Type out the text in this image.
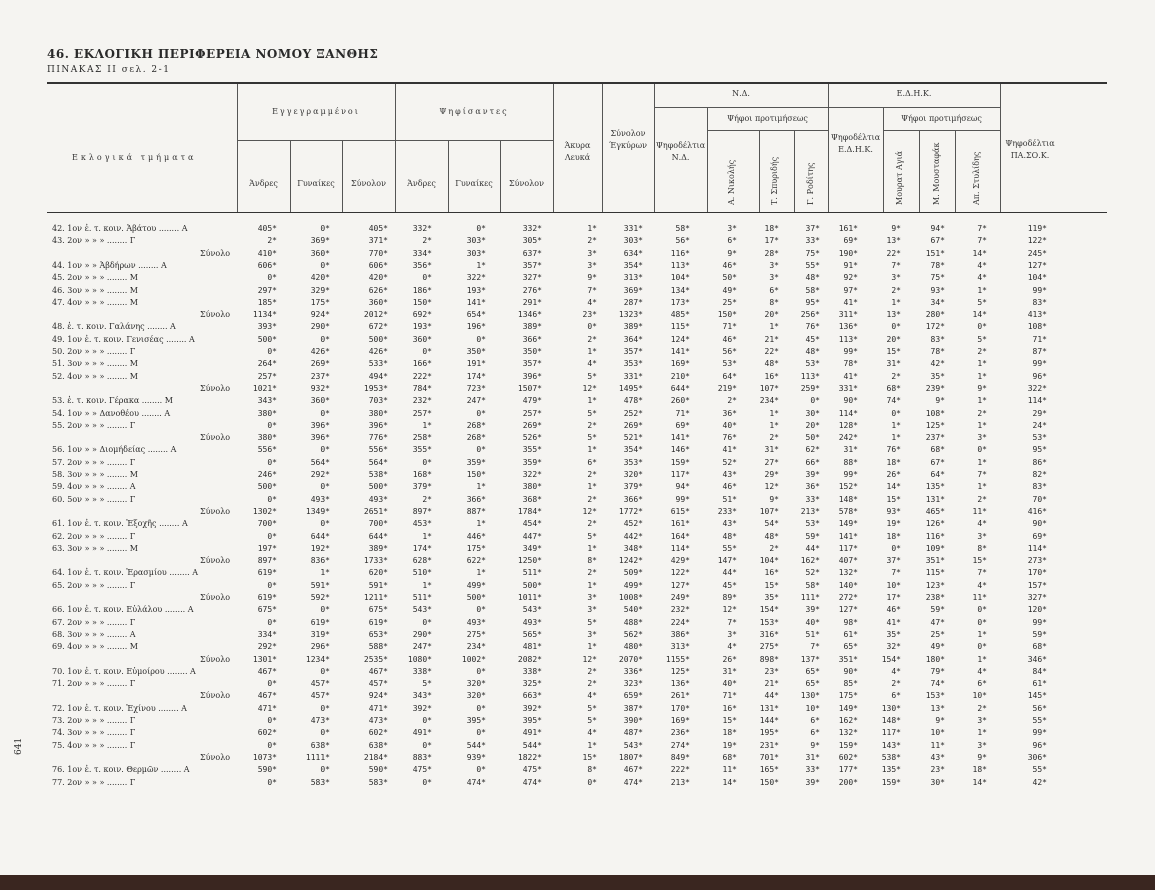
46. ΕΚΛΟΓΙΚΗ ΠΕΡΙΦΕΡΕΙΑ ΝΟΜΟΥ ΞΑΝΘΗΣ
ΠΙΝΑΚΑΣ ΙΙ σελ. 2-1
Εκλογικά τμήματα
Εγγεγραμμένοι	Ψηφίσαντες
Άνδρες	Γυναίκες	Σύνολον	Άνδρες	Γυναίκες	Σύνολον
Άκυρα Λευκά
Σύνολον Έγκύρων
Ν.Δ.	Ε.Δ.Η.Κ.
Ψήφοι προτιμήσεως	Ψήφοι προτιμήσεως
Ψηφοδέλτια Ν.Δ.
Ψηφοδέλτια Ε.Δ.Η.Κ.
Ψηφοδέλτια ΠΑ.ΣΟ.Κ.
Α. Νικολής	Τ. Σπυριδής	Γ. Ροδίτης	Μουρατ Αγιά	Μ. Μουσταφάκ	Απ. Στυλίδης
42. 1ον ἐ. τ. κοιν. Ἀβάτου ........ Α	405*	0*	405*	332*	0*	332*	1*	331*	58*	3*	18*	37*	161*	9*	94*	7*	119*
43. 2ον » » » ........ Γ	2*	369*	371*	2*	303*	305*	2*	303*	56*	6*	17*	33*	69*	13*	67*	7*	122*
Σύνολο	410*	360*	770*	334*	303*	637*	3*	634*	116*	9*	28*	75*	190*	22*	151*	14*	245*
44. 1ον » » Ἀβδήρων ........ Α	606*	0*	606*	356*	1*	357*	3*	354*	113*	46*	3*	55*	91*	7*	78*	4*	127*
45. 2ον » » » ........ Μ	0*	420*	420*	0*	322*	327*	9*	313*	104*	50*	3*	48*	92*	3*	75*	4*	104*
46. 3ον » » » ........ Μ	297*	329*	626*	186*	193*	276*	7*	369*	134*	49*	6*	58*	97*	2*	93*	1*	99*
47. 4ον » » » ........ Μ	185*	175*	360*	150*	141*	291*	4*	287*	173*	25*	8*	95*	41*	1*	34*	5*	83*
Σύνολο	1134*	924*	2012*	692*	654*	1346*	23*	1323*	485*	150*	20*	256*	311*	13*	280*	14*	413*
48. ἐ. τ. κοιν. Γαλάνης ........ Α	393*	290*	672*	193*	196*	389*	0*	389*	115*	71*	1*	76*	136*	0*	172*	0*	108*
49. 1ον ἐ. τ. κοιν. Γενισέας ........ Α	500*	0*	500*	360*	0*	366*	2*	364*	124*	46*	21*	45*	113*	20*	83*	5*	71*
50. 2ον » » » ........ Γ	0*	426*	426*	0*	350*	350*	1*	357*	141*	56*	22*	48*	99*	15*	78*	2*	87*
51. 3ον » » » ........ Μ	264*	269*	533*	166*	191*	357*	4*	353*	169*	53*	48*	53*	78*	31*	42*	1*	99*
52. 4ον » » » ........ Μ	257*	237*	494*	222*	174*	396*	5*	331*	210*	64*	16*	113*	41*	2*	35*	1*	96*
Σύνολο	1021*	932*	1953*	784*	723*	1507*	12*	1495*	644*	219*	107*	259*	331*	68*	239*	9*	322*
53. ἐ. τ. κοιν. Γέρακα ........ Μ	343*	360*	703*	232*	247*	479*	1*	478*	260*	2*	234*	0*	90*	74*	9*	1*	114*
54. 1ον » » Δανοθέου ........ Α	380*	0*	380*	257*	0*	257*	5*	252*	71*	36*	1*	30*	114*	0*	108*	2*	29*
55. 2ον » » » ........ Γ	0*	396*	396*	1*	268*	269*	2*	269*	69*	40*	1*	20*	128*	1*	125*	1*	24*
Σύνολο	380*	396*	776*	258*	268*	526*	5*	521*	141*	76*	2*	50*	242*	1*	237*	3*	53*
56. 1ον » » Διομήδείας ........ Α	556*	0*	556*	355*	0*	355*	1*	354*	146*	41*	31*	62*	31*	76*	68*	0*	95*
57. 2ον » » » ........ Γ	0*	564*	564*	0*	359*	359*	6*	353*	159*	52*	27*	66*	88*	18*	67*	1*	86*
58. 3ον » » » ........ Μ	246*	292*	538*	168*	150*	322*	2*	320*	117*	43*	29*	39*	99*	26*	64*	7*	82*
59. 4ον » » » ........ Α	500*	0*	500*	379*	1*	380*	1*	379*	94*	46*	12*	36*	152*	14*	135*	1*	83*
60. 5ον » » » ........ Γ	0*	493*	493*	2*	366*	368*	2*	366*	99*	51*	9*	33*	148*	15*	131*	2*	70*
Σύνολο	1302*	1349*	2651*	897*	887*	1784*	12*	1772*	615*	233*	107*	213*	578*	93*	465*	11*	416*
61. 1ον ἐ. τ. κοιν. Ἐξοχῆς ........ Α	700*	0*	700*	453*	1*	454*	2*	452*	161*	43*	54*	53*	149*	19*	126*	4*	90*
62. 2ον » » » ........ Γ	0*	644*	644*	1*	446*	447*	5*	442*	164*	48*	48*	59*	141*	18*	116*	3*	69*
63. 3ον » » » ........ Μ	197*	192*	389*	174*	175*	349*	1*	348*	114*	55*	2*	44*	117*	0*	109*	8*	114*
Σύνολο	897*	836*	1733*	628*	622*	1250*	8*	1242*	429*	147*	104*	162*	407*	37*	351*	15*	273*
64. 1ον ἐ. τ. κοιν. Ἐρασμίου ........ Α	619*	1*	620*	510*	1*	511*	2*	509*	122*	44*	16*	52*	132*	7*	115*	7*	170*
65. 2ον » » » ........ Γ	0*	591*	591*	1*	499*	500*	1*	499*	127*	45*	15*	58*	140*	10*	123*	4*	157*
Σύνολο	619*	592*	1211*	511*	500*	1011*	3*	1008*	249*	89*	35*	111*	272*	17*	238*	11*	327*
66. 1ον ἐ. τ. κοιν. Εὐλάλου ........ Α	675*	0*	675*	543*	0*	543*	3*	540*	232*	12*	154*	39*	127*	46*	59*	0*	120*
67. 2ον » » » ........ Γ	0*	619*	619*	0*	493*	493*	5*	488*	224*	7*	153*	40*	98*	41*	47*	0*	99*
68. 3ον » » » ........ Α	334*	319*	653*	290*	275*	565*	3*	562*	386*	3*	316*	51*	61*	35*	25*	1*	59*
69. 4ον » » » ........ Μ	292*	296*	588*	247*	234*	481*	1*	480*	313*	4*	275*	7*	65*	32*	49*	0*	68*
Σύνολο	1301*	1234*	2535*	1080*	1002*	2082*	12*	2070*	1155*	26*	898*	137*	351*	154*	180*	1*	346*
70. 1ον ἐ. τ. κοιν. Εὐμοίρου ........ Α	467*	0*	467*	338*	0*	338*	2*	336*	125*	31*	23*	65*	90*	4*	79*	4*	84*
71. 2ον » » » ........ Γ	0*	457*	457*	5*	320*	325*	2*	323*	136*	40*	21*	65*	85*	2*	74*	6*	61*
Σύνολο	467*	457*	924*	343*	320*	663*	4*	659*	261*	71*	44*	130*	175*	6*	153*	10*	145*
72. 1ον ἐ. τ. κοιν. Ἐχίνου ........ Α	471*	0*	471*	392*	0*	392*	5*	387*	170*	16*	131*	10*	149*	130*	13*	2*	56*
73. 2ον » » » ........ Γ	0*	473*	473*	0*	395*	395*	5*	390*	169*	15*	144*	6*	162*	148*	9*	3*	55*
74. 3ον » » » ........ Γ	602*	0*	602*	491*	0*	491*	4*	487*	236*	18*	195*	6*	132*	117*	10*	1*	99*
75. 4ον » » » ........ Γ	0*	638*	638*	0*	544*	544*	1*	543*	274*	19*	231*	9*	159*	143*	11*	3*	96*
Σύνολο	1073*	1111*	2184*	883*	939*	1822*	15*	1807*	849*	68*	701*	31*	602*	538*	43*	9*	306*
76. 1ον ἐ. τ. κοιν. Θερμῶν ........ Α	590*	0*	590*	475*	0*	475*	8*	467*	222*	11*	165*	33*	177*	135*	23*	18*	55*
77. 2ον » » » ........ Γ	0*	583*	583*	0*	474*	474*	0*	474*	213*	14*	150*	39*	200*	159*	30*	14*	42*
641
